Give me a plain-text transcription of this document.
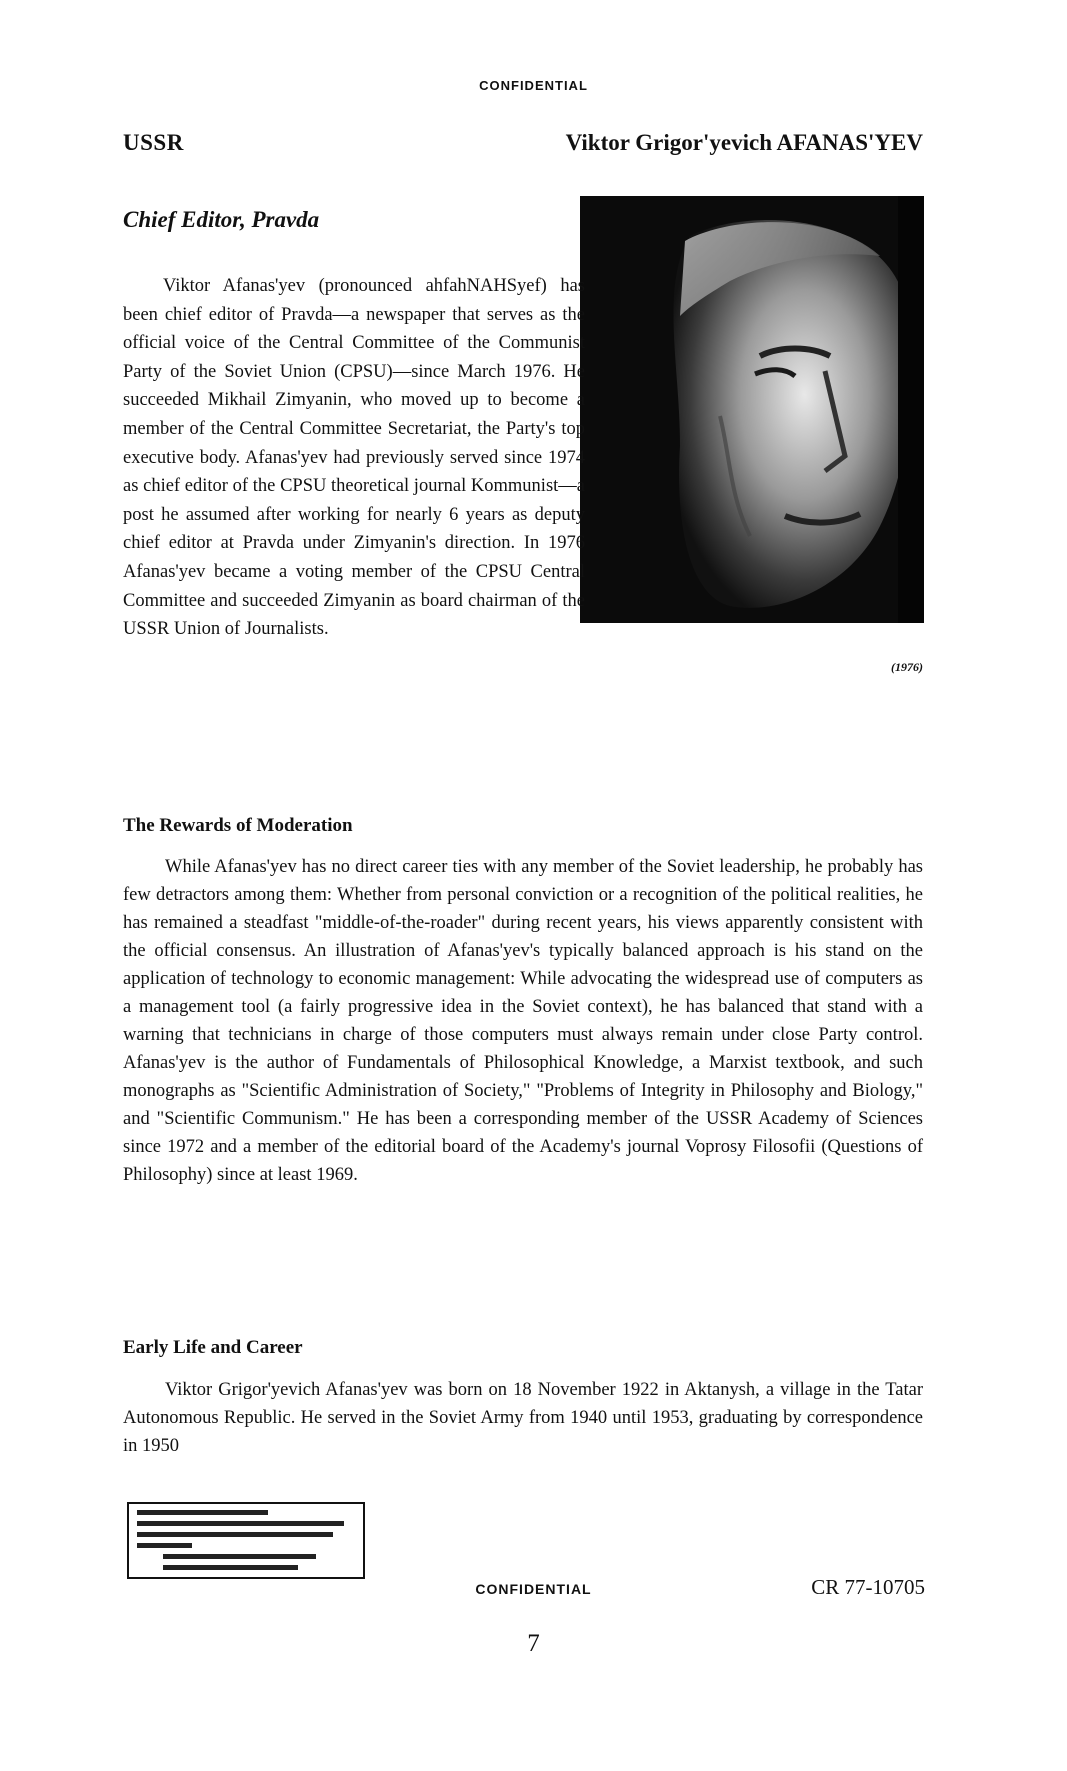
CONFIDENTIAL
USSR	Viktor Grigor'yevich AFANAS'YEV
Chief Editor, Pravda
(1976)

Viktor Afanas'yev (pronounced ahfahNAHSyef) has been chief editor of Pravda—a newspaper that serves as the official voice of the Central Committee of the Communist Party of the Soviet Union (CPSU)—since March 1976. He succeeded Mikhail Zimyanin, who moved up to become a member of the Central Committee Secretariat, the Party's top executive body. Afanas'yev had previously served since 1974 as chief editor of the CPSU theoretical journal Kommunist—a post he assumed after working for nearly 6 years as deputy chief editor at Pravda under Zimyanin's direction. In 1976 Afanas'yev became a voting member of the CPSU Central Committee and succeeded Zimyanin as board chairman of the USSR Union of Journalists.

The Rewards of Moderation

While Afanas'yev has no direct career ties with any member of the Soviet leadership, he probably has few detractors among them: Whether from personal conviction or a recognition of the political realities, he has remained a steadfast "middle-of-the-roader" during recent years, his views apparently consistent with the official consensus. An illustration of Afanas'yev's typically balanced approach is his stand on the application of technology to economic management: While advocating the widespread use of computers as a management tool (a fairly progressive idea in the Soviet context), he has balanced that stand with a warning that technicians in charge of those computers must always remain under close Party control. Afanas'yev is the author of Fundamentals of Philosophical Knowledge, a Marxist textbook, and such monographs as "Scientific Administration of Society," "Problems of Integrity in Philosophy and Biology," and "Scientific Communism." He has been a corresponding member of the USSR Academy of Sciences since 1972 and a member of the editorial board of the Academy's journal Voprosy Filosofii (Questions of Philosophy) since at least 1969.

Early Life and Career

Viktor Grigor'yevich Afanas'yev was born on 18 November 1922 in Aktanysh, a village in the Tatar Autonomous Republic. He served in the Soviet Army from 1940 until 1953, graduating by correspondence in 1950

CONFIDENTIAL	CR 77-10705
7
